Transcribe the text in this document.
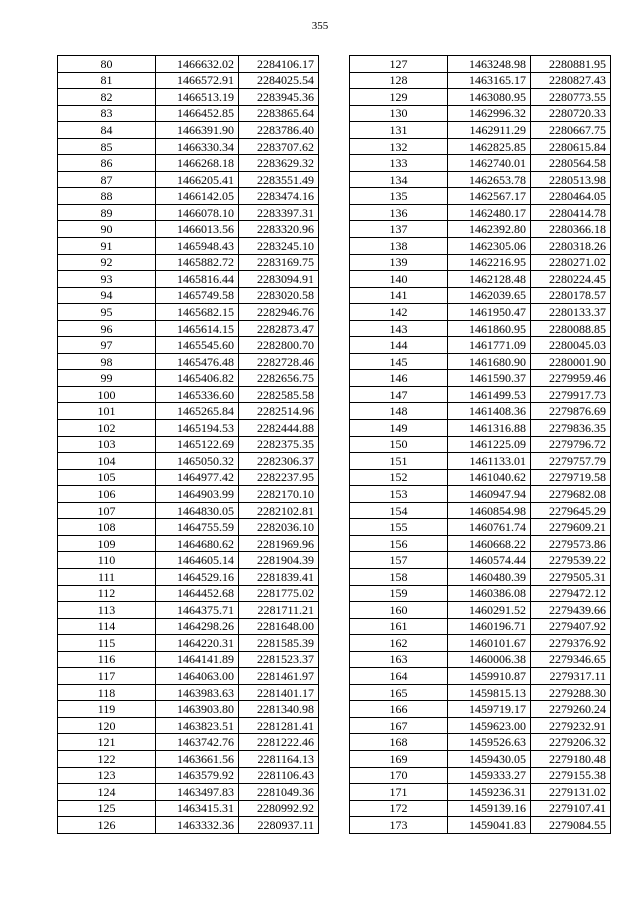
355
80	1466632.02	2284106.17
81	1466572.91	2284025.54
82	1466513.19	2283945.36
83	1466452.85	2283865.64
84	1466391.90	2283786.40
85	1466330.34	2283707.62
86	1466268.18	2283629.32
87	1466205.41	2283551.49
88	1466142.05	2283474.16
89	1466078.10	2283397.31
90	1466013.56	2283320.96
91	1465948.43	2283245.10
92	1465882.72	2283169.75
93	1465816.44	2283094.91
94	1465749.58	2283020.58
95	1465682.15	2282946.76
96	1465614.15	2282873.47
97	1465545.60	2282800.70
98	1465476.48	2282728.46
99	1465406.82	2282656.75
100	1465336.60	2282585.58
101	1465265.84	2282514.96
102	1465194.53	2282444.88
103	1465122.69	2282375.35
104	1465050.32	2282306.37
105	1464977.42	2282237.95
106	1464903.99	2282170.10
107	1464830.05	2282102.81
108	1464755.59	2282036.10
109	1464680.62	2281969.96
110	1464605.14	2281904.39
111	1464529.16	2281839.41
112	1464452.68	2281775.02
113	1464375.71	2281711.21
114	1464298.26	2281648.00
115	1464220.31	2281585.39
116	1464141.89	2281523.37
117	1464063.00	2281461.97
118	1463983.63	2281401.17
119	1463903.80	2281340.98
120	1463823.51	2281281.41
121	1463742.76	2281222.46
122	1463661.56	2281164.13
123	1463579.92	2281106.43
124	1463497.83	2281049.36
125	1463415.31	2280992.92
126	1463332.36	2280937.11
127	1463248.98	2280881.95
128	1463165.17	2280827.43
129	1463080.95	2280773.55
130	1462996.32	2280720.33
131	1462911.29	2280667.75
132	1462825.85	2280615.84
133	1462740.01	2280564.58
134	1462653.78	2280513.98
135	1462567.17	2280464.05
136	1462480.17	2280414.78
137	1462392.80	2280366.18
138	1462305.06	2280318.26
139	1462216.95	2280271.02
140	1462128.48	2280224.45
141	1462039.65	2280178.57
142	1461950.47	2280133.37
143	1461860.95	2280088.85
144	1461771.09	2280045.03
145	1461680.90	2280001.90
146	1461590.37	2279959.46
147	1461499.53	2279917.73
148	1461408.36	2279876.69
149	1461316.88	2279836.35
150	1461225.09	2279796.72
151	1461133.01	2279757.79
152	1461040.62	2279719.58
153	1460947.94	2279682.08
154	1460854.98	2279645.29
155	1460761.74	2279609.21
156	1460668.22	2279573.86
157	1460574.44	2279539.22
158	1460480.39	2279505.31
159	1460386.08	2279472.12
160	1460291.52	2279439.66
161	1460196.71	2279407.92
162	1460101.67	2279376.92
163	1460006.38	2279346.65
164	1459910.87	2279317.11
165	1459815.13	2279288.30
166	1459719.17	2279260.24
167	1459623.00	2279232.91
168	1459526.63	2279206.32
169	1459430.05	2279180.48
170	1459333.27	2279155.38
171	1459236.31	2279131.02
172	1459139.16	2279107.41
173	1459041.83	2279084.55
